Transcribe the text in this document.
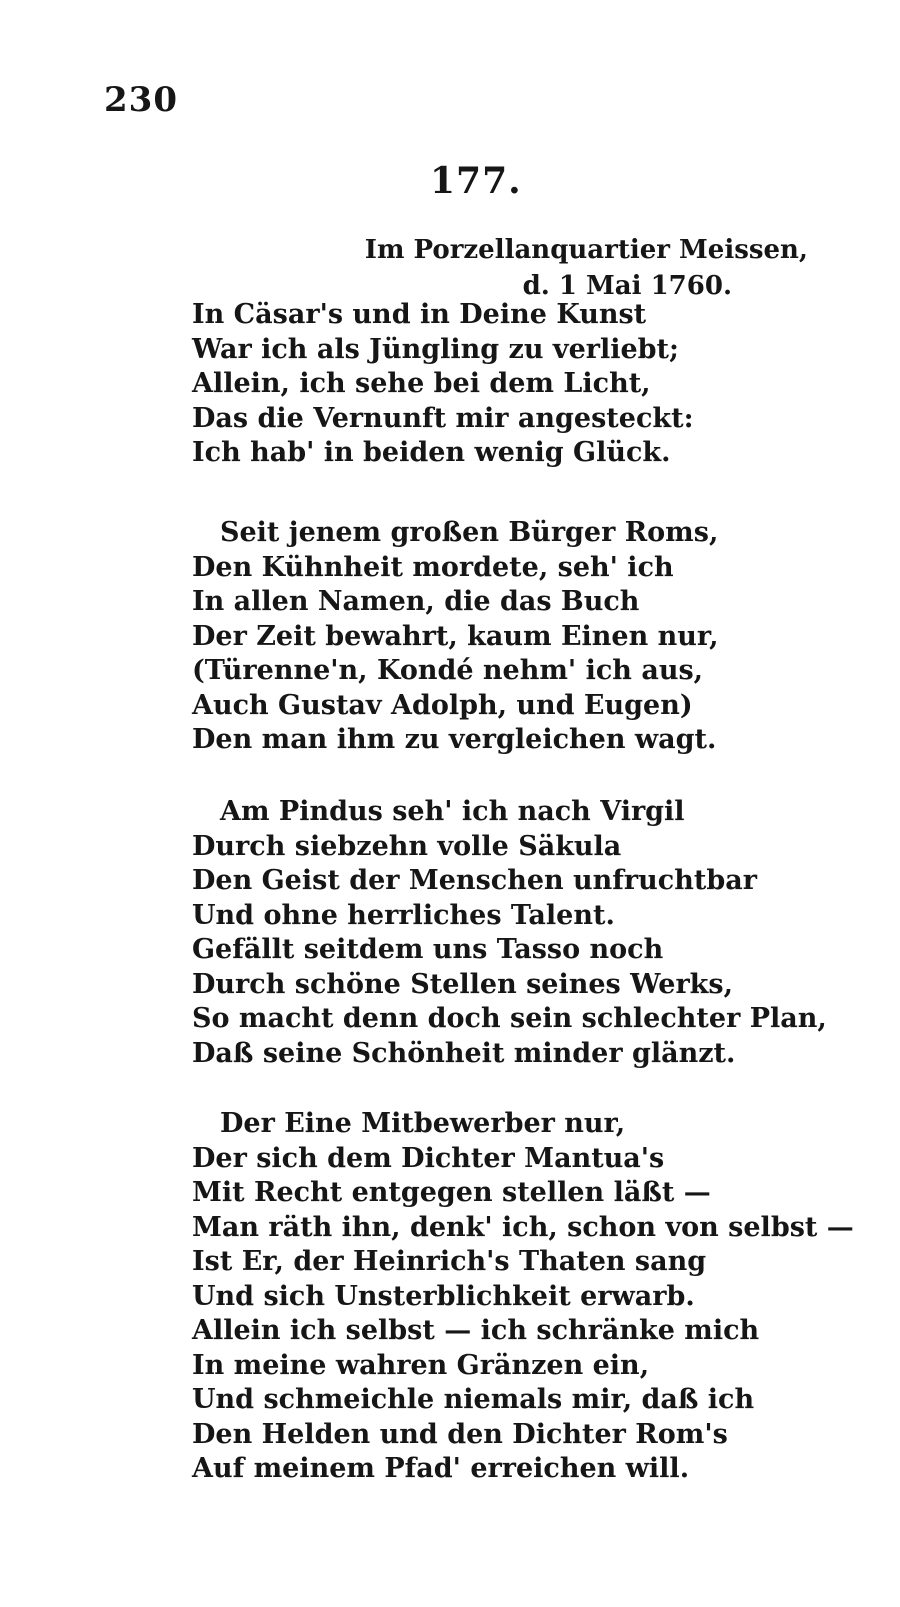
230
177.
Im Porzellanquartier Meissen,
d. 1 Mai 1760.
In Cäsar's und in Deine Kunst
War ich als Jüngling zu verliebt;
Allein, ich sehe bei dem Licht,
Das die Vernunft mir angesteckt:
Ich hab' in beiden wenig Glück.
Seit jenem großen Bürger Roms,
Den Kühnheit mordete, seh' ich
In allen Namen, die das Buch
Der Zeit bewahrt, kaum Einen nur,
(Türenne'n, Kondé nehm' ich aus,
Auch Gustav Adolph, und Eugen)
Den man ihm zu vergleichen wagt.
Am Pindus seh' ich nach Virgil
Durch siebzehn volle Säkula
Den Geist der Menschen unfruchtbar
Und ohne herrliches Talent.
Gefällt seitdem uns Tasso noch
Durch schöne Stellen seines Werks,
So macht denn doch sein schlechter Plan,
Daß seine Schönheit minder glänzt.
Der Eine Mitbewerber nur,
Der sich dem Dichter Mantua's
Mit Recht entgegen stellen läßt —
Man räth ihn, denk' ich, schon von selbst —
Ist Er, der Heinrich's Thaten sang
Und sich Unsterblichkeit erwarb.
Allein ich selbst — ich schränke mich
In meine wahren Gränzen ein,
Und schmeichle niemals mir, daß ich
Den Helden und den Dichter Rom's
Auf meinem Pfad' erreichen will.
